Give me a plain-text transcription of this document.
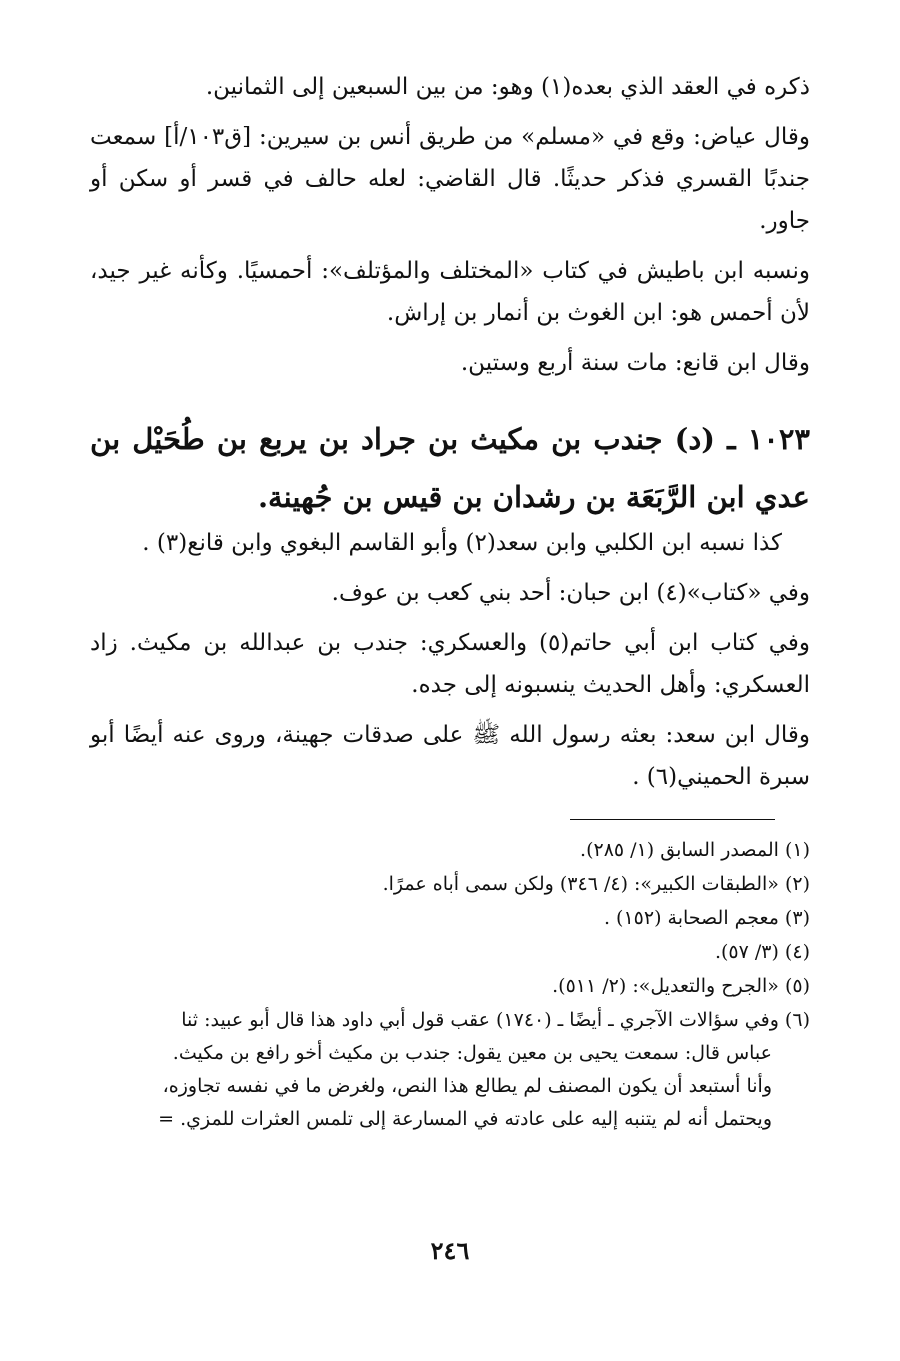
ذكره في العقد الذي بعده(١) وهو: من بين السبعين إلى الثمانين.

وقال عياض: وقع في «مسلم» من طريق أنس بن سيرين: [ق١٠٣/أ] سمعت جندبًا القسري فذكر حديثًا. قال القاضي: لعله حالف في قسر أو سكن أو جاور.

ونسبه ابن باطيش في كتاب «المختلف والمؤتلف»: أحمسيًا. وكأنه غير جيد، لأن أحمس هو: ابن الغوث بن أنمار بن إراش.

وقال ابن قانع: مات سنة أربع وستين.

١٠٢٣ ـ (د) جندب بن مكيث بن جراد بن يربع بن طُحَيْل بن عدي ابن الرَّبَعَة بن رشدان بن قيس بن جُهينة.

كذا نسبه ابن الكلبي وابن سعد(٢) وأبو القاسم البغوي وابن قانع(٣) .

وفي «كتاب»(٤) ابن حبان: أحد بني كعب بن عوف.

وفي كتاب ابن أبي حاتم(٥) والعسكري: جندب بن عبدالله بن مكيث. زاد العسكري: وأهل الحديث ينسبونه إلى جده.

وقال ابن سعد: بعثه رسول الله ﷺ على صدقات جهينة، وروى عنه أيضًا أبو سبرة الحميني(٦) .

(١) المصدر السابق (١/ ٢٨٥).

(٢) «الطبقات الكبير»: (٤/ ٣٤٦) ولكن سمى أباه عمرًا.

(٣) معجم الصحابة (١٥٢) .

(٤) (٣/ ٥٧).

(٥) «الجرح والتعديل»: (٢/ ٥١١).

(٦) وفي سؤالات الآجري ـ أيضًا ـ (١٧٤٠) عقب قول أبي داود هذا قال أبو عبيد: ثنا

عباس قال: سمعت يحيى بن معين يقول: جندب بن مكيث أخو رافع بن مكيث.

وأنا أستبعد أن يكون المصنف لم يطالع هذا النص، ولغرض ما في نفسه تجاوزه،

ويحتمل أنه لم يتنبه إليه على عادته في المسارعة إلى تلمس العثرات للمزي. =

٢٤٦
